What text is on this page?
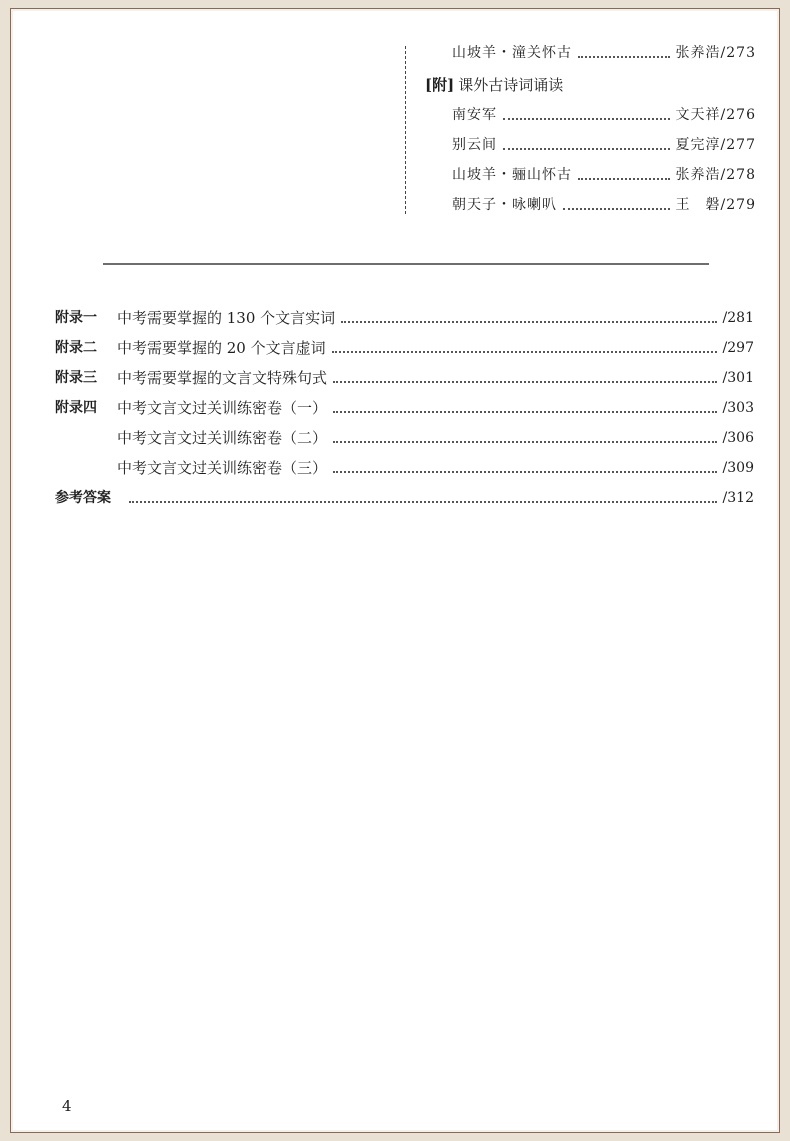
山坡羊・潼关怀古	张养浩/273
[附] 课外古诗词诵读
南安军	文天祥/276
别云间	夏完淳/277
山坡羊・骊山怀古	张养浩/278
朝天子・咏喇叭	王　磐/279
附录一	中考需要掌握的 130 个文言实词	/281
附录二	中考需要掌握的 20 个文言虚词	/297
附录三	中考需要掌握的文言文特殊句式	/301
附录四	中考文言文过关训练密卷（一）	/303
中考文言文过关训练密卷（二）	/306
中考文言文过关训练密卷（三）	/309
参考答案	/312
4
